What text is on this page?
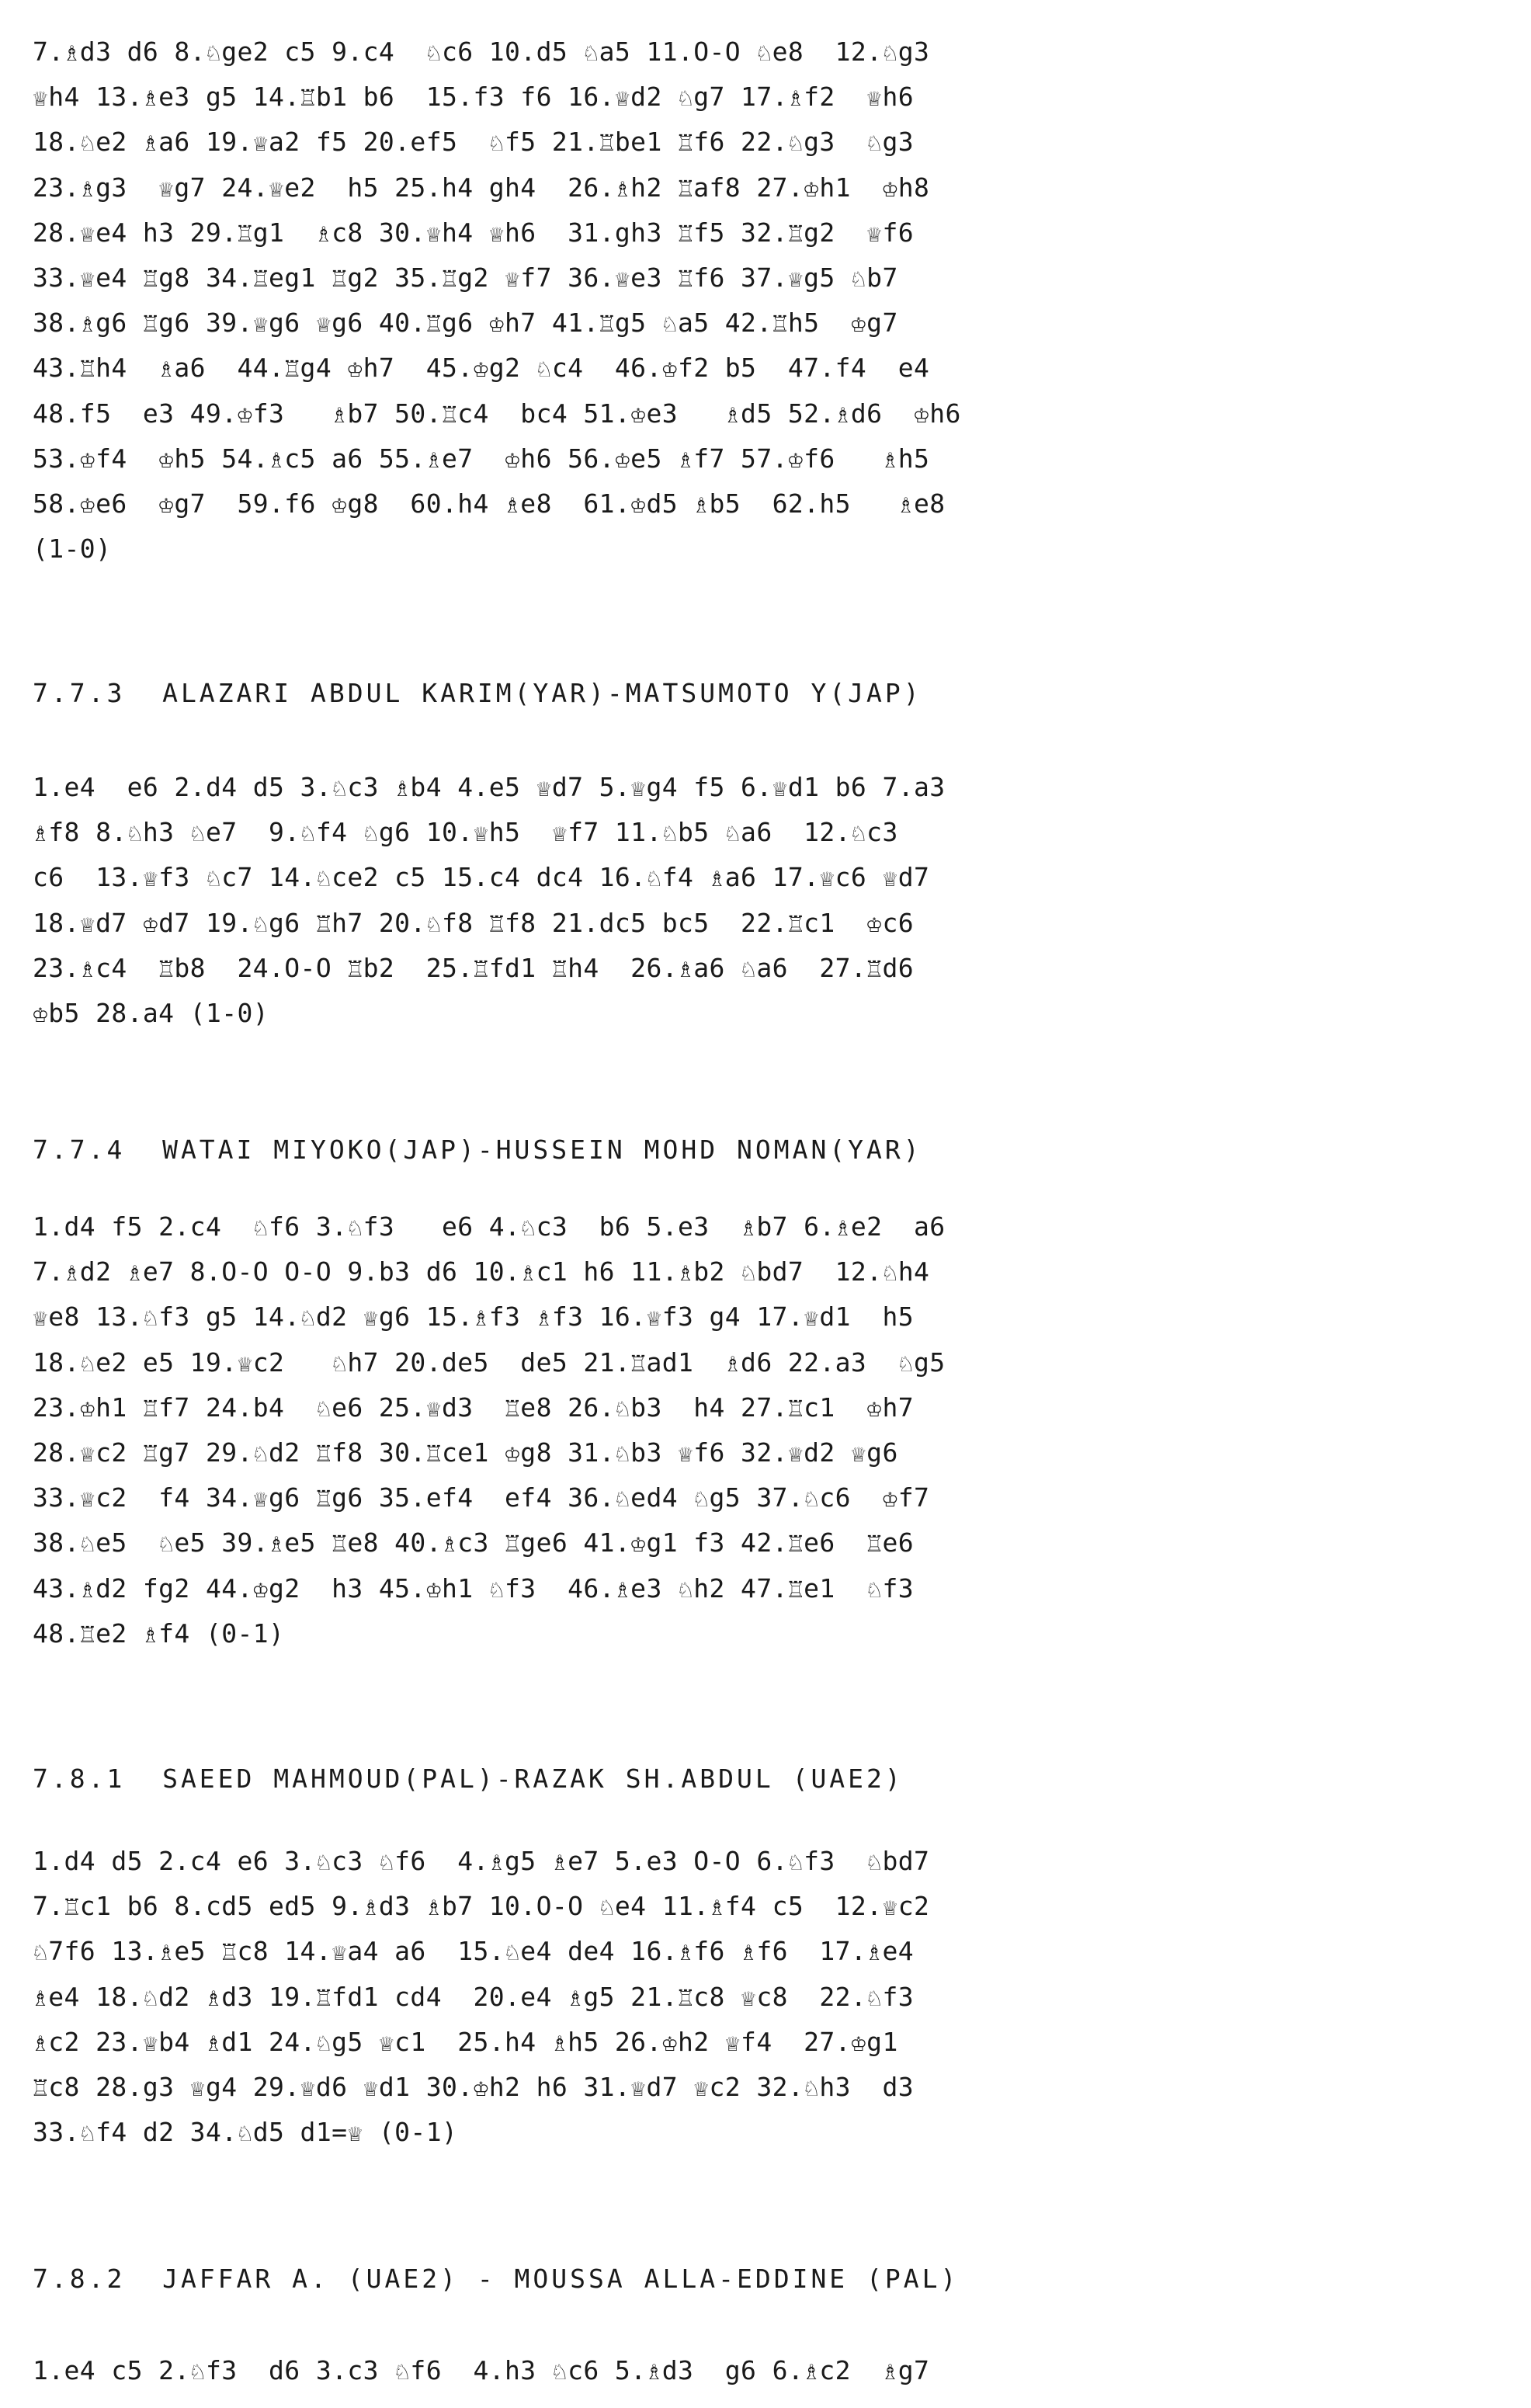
7.♗d3 d6 8.♘ge2 c5 9.c4  ♘c6 10.d5 ♘a5 11.O-O ♘e8  12.♘g3
♕h4 13.♗e3 g5 14.♖b1 b6  15.f3 f6 16.♕d2 ♘g7 17.♗f2  ♕h6
18.♘e2 ♗a6 19.♕a2 f5 20.ef5  ♘f5 21.♖be1 ♖f6 22.♘g3  ♘g3
23.♗g3  ♕g7 24.♕e2  h5 25.h4 gh4  26.♗h2 ♖af8 27.♔h1  ♔h8
28.♕e4 h3 29.♖g1  ♗c8 30.♕h4 ♕h6  31.gh3 ♖f5 32.♖g2  ♕f6
33.♕e4 ♖g8 34.♖eg1 ♖g2 35.♖g2 ♕f7 36.♕e3 ♖f6 37.♕g5 ♘b7
38.♗g6 ♖g6 39.♕g6 ♕g6 40.♖g6 ♔h7 41.♖g5 ♘a5 42.♖h5  ♔g7
43.♖h4  ♗a6  44.♖g4 ♔h7  45.♔g2 ♘c4  46.♔f2 b5  47.f4  e4
48.f5  e3 49.♔f3   ♗b7 50.♖c4  bc4 51.♔e3   ♗d5 52.♗d6  ♔h6
53.♔f4  ♔h5 54.♗c5 a6 55.♗e7  ♔h6 56.♔e5 ♗f7 57.♔f6   ♗h5
58.♔e6  ♔g7  59.f6 ♔g8  60.h4 ♗e8  61.♔d5 ♗b5  62.h5   ♗e8
(1-0)
7.7.3  ALAZARI ABDUL KARIM(YAR)-MATSUMOTO Y(JAP)
1.e4  e6 2.d4 d5 3.♘c3 ♗b4 4.e5 ♕d7 5.♕g4 f5 6.♕d1 b6 7.a3
♗f8 8.♘h3 ♘e7  9.♘f4 ♘g6 10.♕h5  ♕f7 11.♘b5 ♘a6  12.♘c3
c6  13.♕f3 ♘c7 14.♘ce2 c5 15.c4 dc4 16.♘f4 ♗a6 17.♕c6 ♕d7
18.♕d7 ♔d7 19.♘g6 ♖h7 20.♘f8 ♖f8 21.dc5 bc5  22.♖c1  ♔c6
23.♗c4  ♖b8  24.O-O ♖b2  25.♖fd1 ♖h4  26.♗a6 ♘a6  27.♖d6
♔b5 28.a4 (1-0)
7.7.4  WATAI MIYOKO(JAP)-HUSSEIN MOHD NOMAN(YAR)
1.d4 f5 2.c4  ♘f6 3.♘f3   e6 4.♘c3  b6 5.e3  ♗b7 6.♗e2  a6
7.♗d2 ♗e7 8.O-O O-O 9.b3 d6 10.♗c1 h6 11.♗b2 ♘bd7  12.♘h4
♕e8 13.♘f3 g5 14.♘d2 ♕g6 15.♗f3 ♗f3 16.♕f3 g4 17.♕d1  h5
18.♘e2 e5 19.♕c2   ♘h7 20.de5  de5 21.♖ad1  ♗d6 22.a3  ♘g5
23.♔h1 ♖f7 24.b4  ♘e6 25.♕d3  ♖e8 26.♘b3  h4 27.♖c1  ♔h7
28.♕c2 ♖g7 29.♘d2 ♖f8 30.♖ce1 ♔g8 31.♘b3 ♕f6 32.♕d2 ♕g6
33.♕c2  f4 34.♕g6 ♖g6 35.ef4  ef4 36.♘ed4 ♘g5 37.♘c6  ♔f7
38.♘e5  ♘e5 39.♗e5 ♖e8 40.♗c3 ♖ge6 41.♔g1 f3 42.♖e6  ♖e6
43.♗d2 fg2 44.♔g2  h3 45.♔h1 ♘f3  46.♗e3 ♘h2 47.♖e1  ♘f3
48.♖e2 ♗f4 (0-1)
7.8.1  SAEED MAHMOUD(PAL)-RAZAK SH.ABDUL (UAE2)
1.d4 d5 2.c4 e6 3.♘c3 ♘f6  4.♗g5 ♗e7 5.e3 O-O 6.♘f3  ♘bd7
7.♖c1 b6 8.cd5 ed5 9.♗d3 ♗b7 10.O-O ♘e4 11.♗f4 c5  12.♕c2
♘7f6 13.♗e5 ♖c8 14.♕a4 a6  15.♘e4 de4 16.♗f6 ♗f6  17.♗e4
♗e4 18.♘d2 ♗d3 19.♖fd1 cd4  20.e4 ♗g5 21.♖c8 ♕c8  22.♘f3
♗c2 23.♕b4 ♗d1 24.♘g5 ♕c1  25.h4 ♗h5 26.♔h2 ♕f4  27.♔g1
♖c8 28.g3 ♕g4 29.♕d6 ♕d1 30.♔h2 h6 31.♕d7 ♕c2 32.♘h3  d3
33.♘f4 d2 34.♘d5 d1=♕ (0-1)
7.8.2  JAFFAR A. (UAE2) - MOUSSA ALLA-EDDINE (PAL)
1.e4 c5 2.♘f3  d6 3.c3 ♘f6  4.h3 ♘c6 5.♗d3  g6 6.♗c2  ♗g7
